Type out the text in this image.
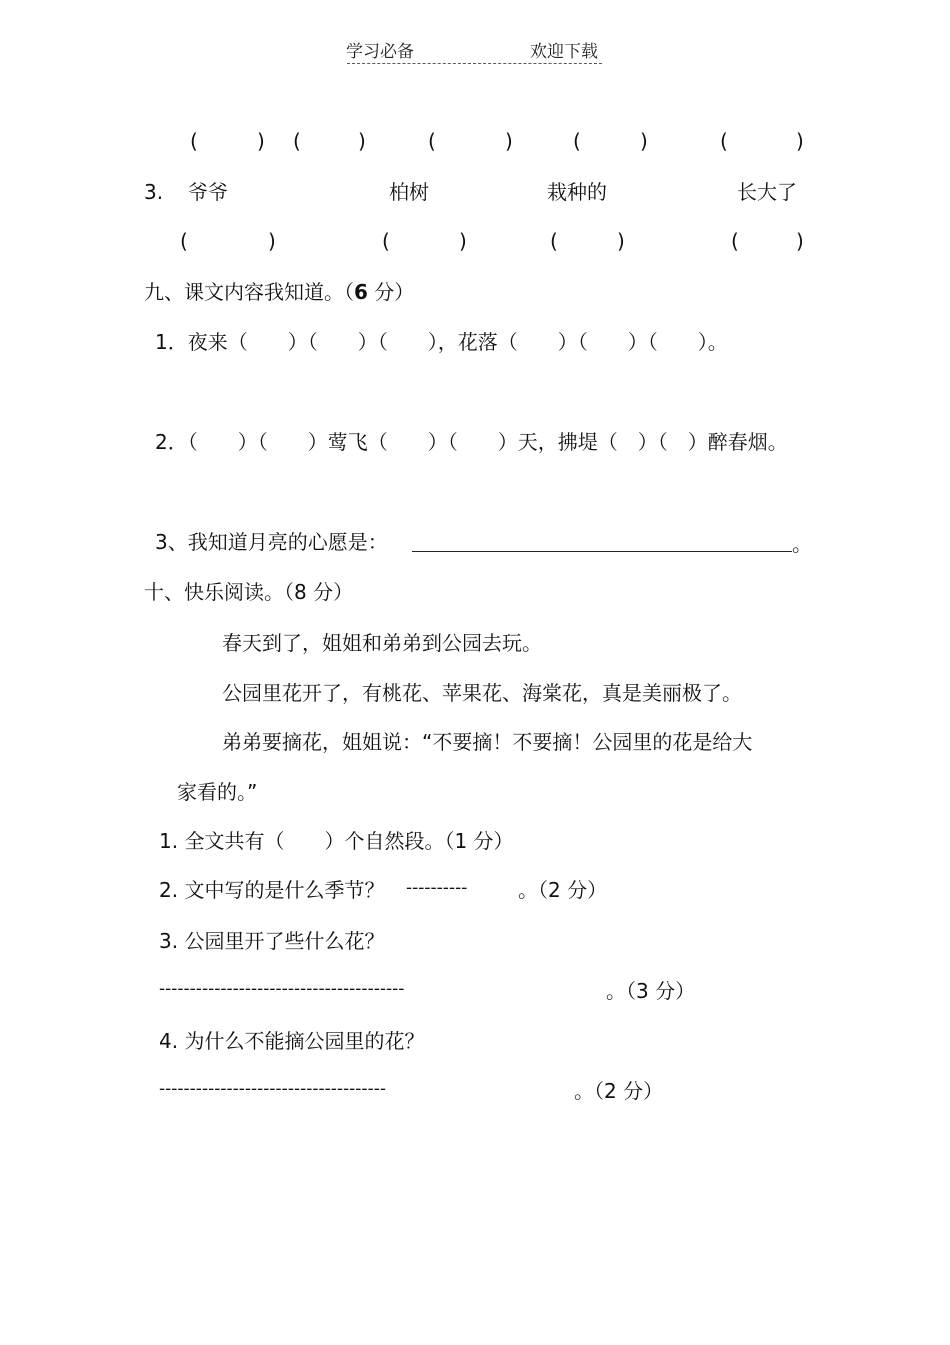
学习必备	欢迎下载
(	) (	)	(	)	(	)	(	)
3. 爷爷	柏树	栽种的	长大了
(	)	(	)	(	)	(	)
九、课文内容我知道。（6 分）
1．夜来（　　）（　　）（　　），花落（　　）（　　）（　　）。
2．（　　）（　　）莺飞（　　）（　　）天，拂堤（　）（　）醉春烟。
3、我知道月亮的心愿是：	。
十、快乐阅读。（8 分）
春天到了，姐姐和弟弟到公园去玩。
公园里花开了，有桃花、苹果花、海棠花，真是美丽极了。
弟弟要摘花，姐姐说：“不要摘！不要摘！公园里的花是给大
家看的。”
1. 全文共有（　　）个自然段。（1 分）
2. 文中写的是什么季节？ ----------	。（2 分）
3. 公园里开了些什么花？
----------------------------------------	。（3 分）
4. 为什么不能摘公园里的花？
-------------------------------------	。（2 分）
